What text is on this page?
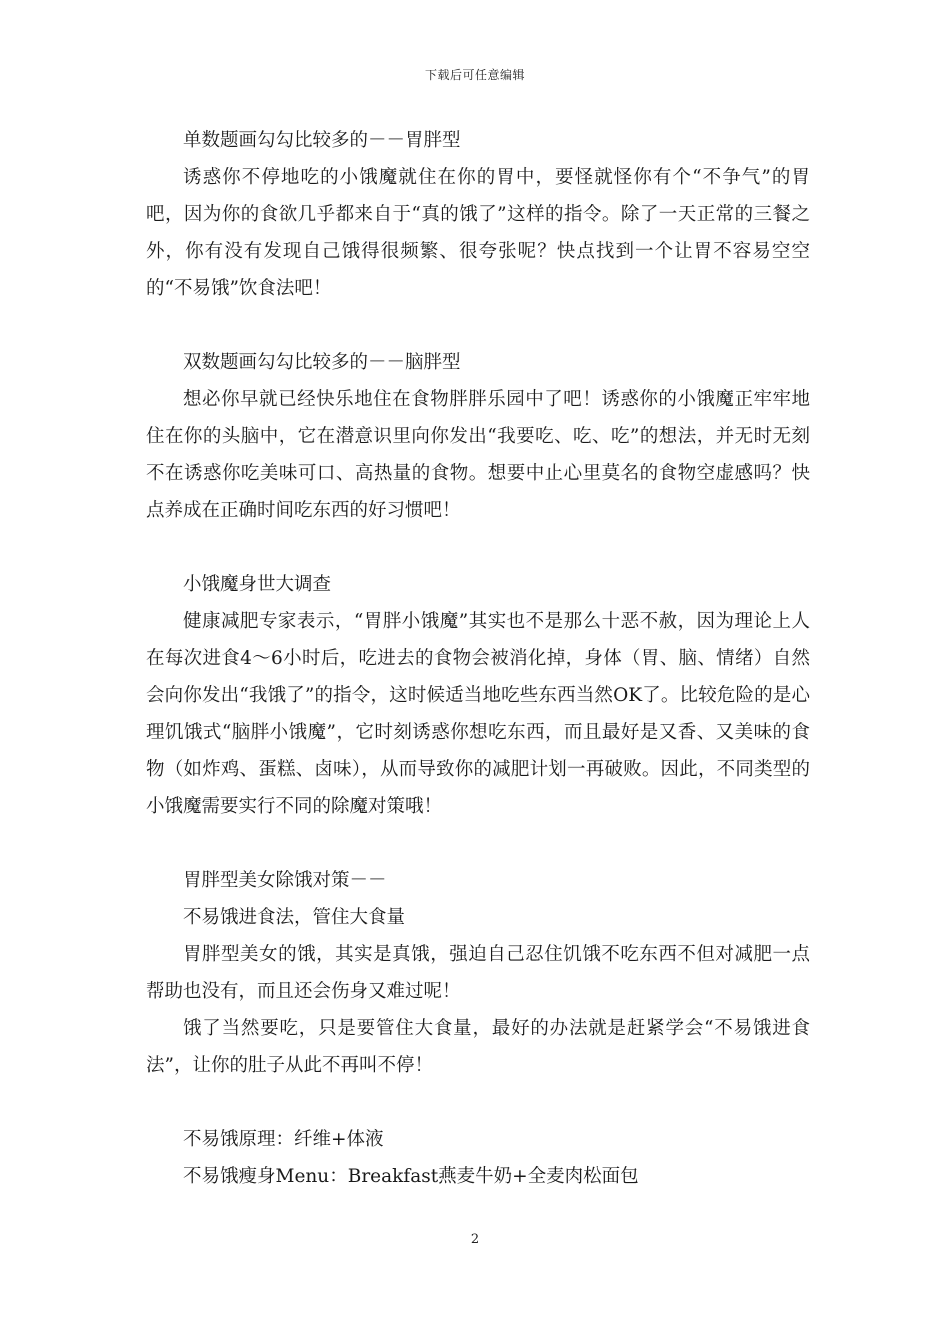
下载后可任意编辑

单数题画勾勾比较多的－－胃胖型

诱惑你不停地吃的小饿魔就住在你的胃中，要怪就怪你有个“不争气”的胃吧，因为你的食欲几乎都来自于“真的饿了”这样的指令。除了一天正常的三餐之外，你有没有发现自己饿得很频繁、很夸张呢？快点找到一个让胃不容易空空的“不易饿”饮食法吧！

双数题画勾勾比较多的－－脑胖型

想必你早就已经快乐地住在食物胖胖乐园中了吧！诱惑你的小饿魔正牢牢地住在你的头脑中，它在潜意识里向你发出“我要吃、吃、吃”的想法，并无时无刻不在诱惑你吃美味可口、高热量的食物。想要中止心里莫名的食物空虚感吗？快点养成在正确时间吃东西的好习惯吧！

小饿魔身世大调查

健康减肥专家表示，“胃胖小饿魔”其实也不是那么十恶不赦，因为理论上人在每次进食4～6小时后，吃进去的食物会被消化掉，身体（胃、脑、情绪）自然会向你发出“我饿了”的指令，这时候适当地吃些东西当然OK了。比较危险的是心理饥饿式“脑胖小饿魔”，它时刻诱惑你想吃东西，而且最好是又香、又美味的食物（如炸鸡、蛋糕、卤味），从而导致你的减肥计划一再破败。因此，不同类型的小饿魔需要实行不同的除魔对策哦！

胃胖型美女除饿对策－－

不易饿进食法，管住大食量

胃胖型美女的饿，其实是真饿，强迫自己忍住饥饿不吃东西不但对减肥一点帮助也没有，而且还会伤身又难过呢！

饿了当然要吃，只是要管住大食量，最好的办法就是赶紧学会“不易饿进食法”，让你的肚子从此不再叫不停！

不易饿原理：纤维+体液

不易饿瘦身Menu：Breakfast燕麦牛奶+全麦肉松面包

2
